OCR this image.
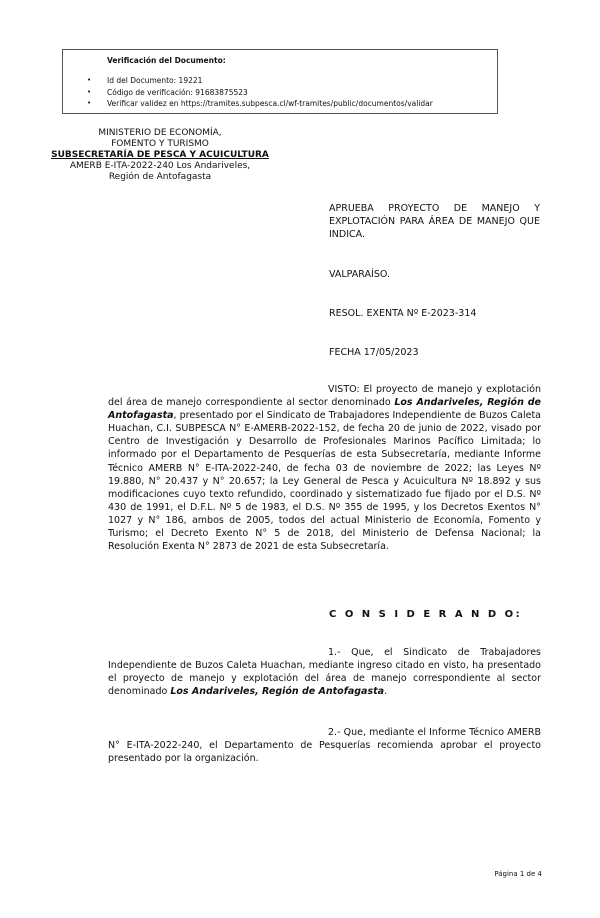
Verificación del Documento:
• Id del Documento: 19221
• Código de verificación: 91683875523
• Verificar validez en https://tramites.subpesca.cl/wf-tramites/public/documentos/validar
MINISTERIO DE ECONOMÍA,
FOMENTO Y TURISMO
SUBSECRETARÍA DE PESCA Y ACUICULTURA
AMERB E-ITA-2022-240 Los Andariveles,
Región de Antofagasta
APRUEBA PROYECTO DE MANEJO Y EXPLOTACIÓN PARA ÁREA DE MANEJO QUE INDICA.
VALPARAÍSO.
RESOL. EXENTA Nº E-2023-314
FECHA 17/05/2023
VISTO: El proyecto de manejo y explotación del área de manejo correspondiente al sector denominado Los Andariveles, Región de Antofagasta, presentado por el Sindicato de Trabajadores Independiente de Buzos Caleta Huachan, C.I. SUBPESCA N° E-AMERB-2022-152, de fecha 20 de junio de 2022, visado por Centro de Investigación y Desarrollo de Profesionales Marinos Pacífico Limitada; lo informado por el Departamento de Pesquerías de esta Subsecretaría, mediante Informe Técnico AMERB N° E-ITA-2022-240, de fecha 03 de noviembre de 2022; las Leyes Nº 19.880, N° 20.437 y N° 20.657; la Ley General de Pesca y Acuicultura Nº 18.892 y sus modificaciones cuyo texto refundido, coordinado y sistematizado fue fijado por el D.S. Nº 430 de 1991, el D.F.L. Nº 5 de 1983, el D.S. Nº 355 de 1995, y los Decretos Exentos N° 1027 y N° 186, ambos de 2005, todos del actual Ministerio de Economía, Fomento y Turismo; el Decreto Exento N° 5 de 2018, del Ministerio de Defensa Nacional; la Resolución Exenta N° 2873 de 2021 de esta Subsecretaría.
C O N S I D E R A N D O:
1.- Que, el Sindicato de Trabajadores Independiente de Buzos Caleta Huachan, mediante ingreso citado en visto, ha presentado el proyecto de manejo y explotación del área de manejo correspondiente al sector denominado Los Andariveles, Región de Antofagasta.
2.- Que, mediante el Informe Técnico AMERB N° E-ITA-2022-240, el Departamento de Pesquerías recomienda aprobar el proyecto presentado por la organización.
Página 1 de 4
